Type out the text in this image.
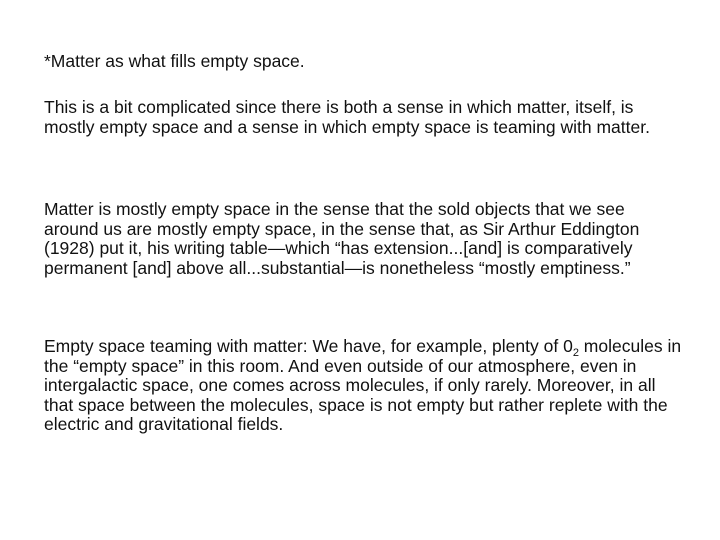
*Matter as what fills empty space.

This is a bit complicated since there is both a sense in which matter, itself, is mostly empty space and a sense in which empty space is teaming with matter.

Matter is mostly empty space in the sense that the sold objects that we see around us are mostly empty space, in the sense that, as Sir Arthur Eddington (1928) put it, his writing table—which “has extension...[and] is comparatively permanent [and] above all...substantial—is nonetheless “mostly emptiness.”

Empty space teaming with matter: We have, for example, plenty of $0_2$ molecules in the “empty space” in this room. And even outside of our atmosphere, even in intergalactic space, one comes across molecules, if only rarely. Moreover, in all that space between the molecules, space is not empty but rather replete with the electric and gravitational fields.
